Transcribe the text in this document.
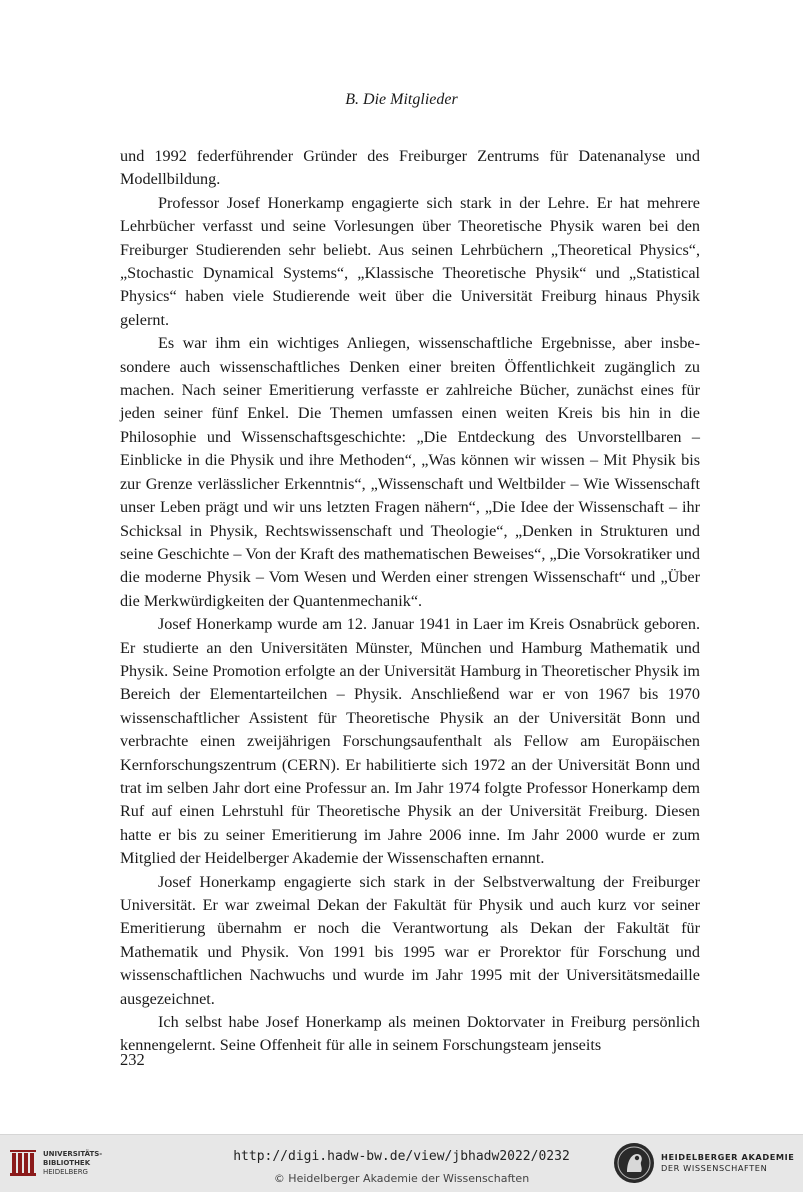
B. Die Mitglieder

und 1992 federführender Gründer des Freiburger Zentrums für Datenanalyse und Modellbildung.

Professor Josef Honerkamp engagierte sich stark in der Lehre. Er hat mehrere Lehrbücher verfasst und seine Vorlesungen über Theoretische Physik waren bei den Freiburger Studierenden sehr beliebt. Aus seinen Lehrbüchern „Theoretical Physics“, „Stochastic Dynamical Systems“, „Klassische Theoretische Physik“ und „Statistical Physics“ haben viele Studierende weit über die Universität Freiburg hinaus Physik gelernt.

Es war ihm ein wichtiges Anliegen, wissenschaftliche Ergebnisse, aber insbesondere auch wissenschaftliches Denken einer breiten Öffentlichkeit zugänglich zu machen. Nach seiner Emeritierung verfasste er zahlreiche Bücher, zunächst eines für jeden seiner fünf Enkel. Die Themen umfassen einen weiten Kreis bis hin in die Philosophie und Wissenschaftsgeschichte: „Die Entdeckung des Unvorstellbaren – Einblicke in die Physik und ihre Methoden“, „Was können wir wissen – Mit Physik bis zur Grenze verlässlicher Erkenntnis“, „Wissenschaft und Weltbilder – Wie Wissenschaft unser Leben prägt und wir uns letzten Fragen nähern“, „Die Idee der Wissenschaft – ihr Schicksal in Physik, Rechtswissenschaft und Theologie“, „Denken in Strukturen und seine Geschichte – Von der Kraft des mathematischen Beweises“, „Die Vorsokratiker und die moderne Physik – Vom Wesen und Werden einer strengen Wissenschaft“ und „Über die Merkwürdigkeiten der Quantenmechanik“.

Josef Honerkamp wurde am 12. Januar 1941 in Laer im Kreis Osnabrück geboren. Er studierte an den Universitäten Münster, München und Hamburg Mathematik und Physik. Seine Promotion erfolgte an der Universität Hamburg in Theoretischer Physik im Bereich der Elementarteilchen – Physik. Anschließend war er von 1967 bis 1970 wissenschaftlicher Assistent für Theoretische Physik an der Universität Bonn und verbrachte einen zweijährigen Forschungsaufenthalt als Fellow am Europäischen Kernforschungszentrum (CERN). Er habilitierte sich 1972 an der Universität Bonn und trat im selben Jahr dort eine Professur an. Im Jahr 1974 folgte Professor Honerkamp dem Ruf auf einen Lehrstuhl für Theoretische Physik an der Universität Freiburg. Diesen hatte er bis zu seiner Emeritierung im Jahre 2006 inne. Im Jahr 2000 wurde er zum Mitglied der Heidelberger Akademie der Wissenschaften ernannt.

Josef Honerkamp engagierte sich stark in der Selbstverwaltung der Freiburger Universität. Er war zweimal Dekan der Fakultät für Physik und auch kurz vor seiner Emeritierung übernahm er noch die Verantwortung als Dekan der Fakultät für Mathematik und Physik. Von 1991 bis 1995 war er Prorektor für Forschung und wissenschaftlichen Nachwuchs und wurde im Jahr 1995 mit der Universitätsmedaille ausgezeichnet.

Ich selbst habe Josef Honerkamp als meinen Doktorvater in Freiburg persönlich kennengelernt. Seine Offenheit für alle in seinem Forschungsteam jenseits

232
UNIVERSITÄTS-
BIBLIOTHEK
HEIDELBERG
http://digi.hadw-bw.de/view/jbhadw2022/0232
© Heidelberger Akademie der Wissenschaften
HEIDELBERGER AKADEMIE
DER WISSENSCHAFTEN
